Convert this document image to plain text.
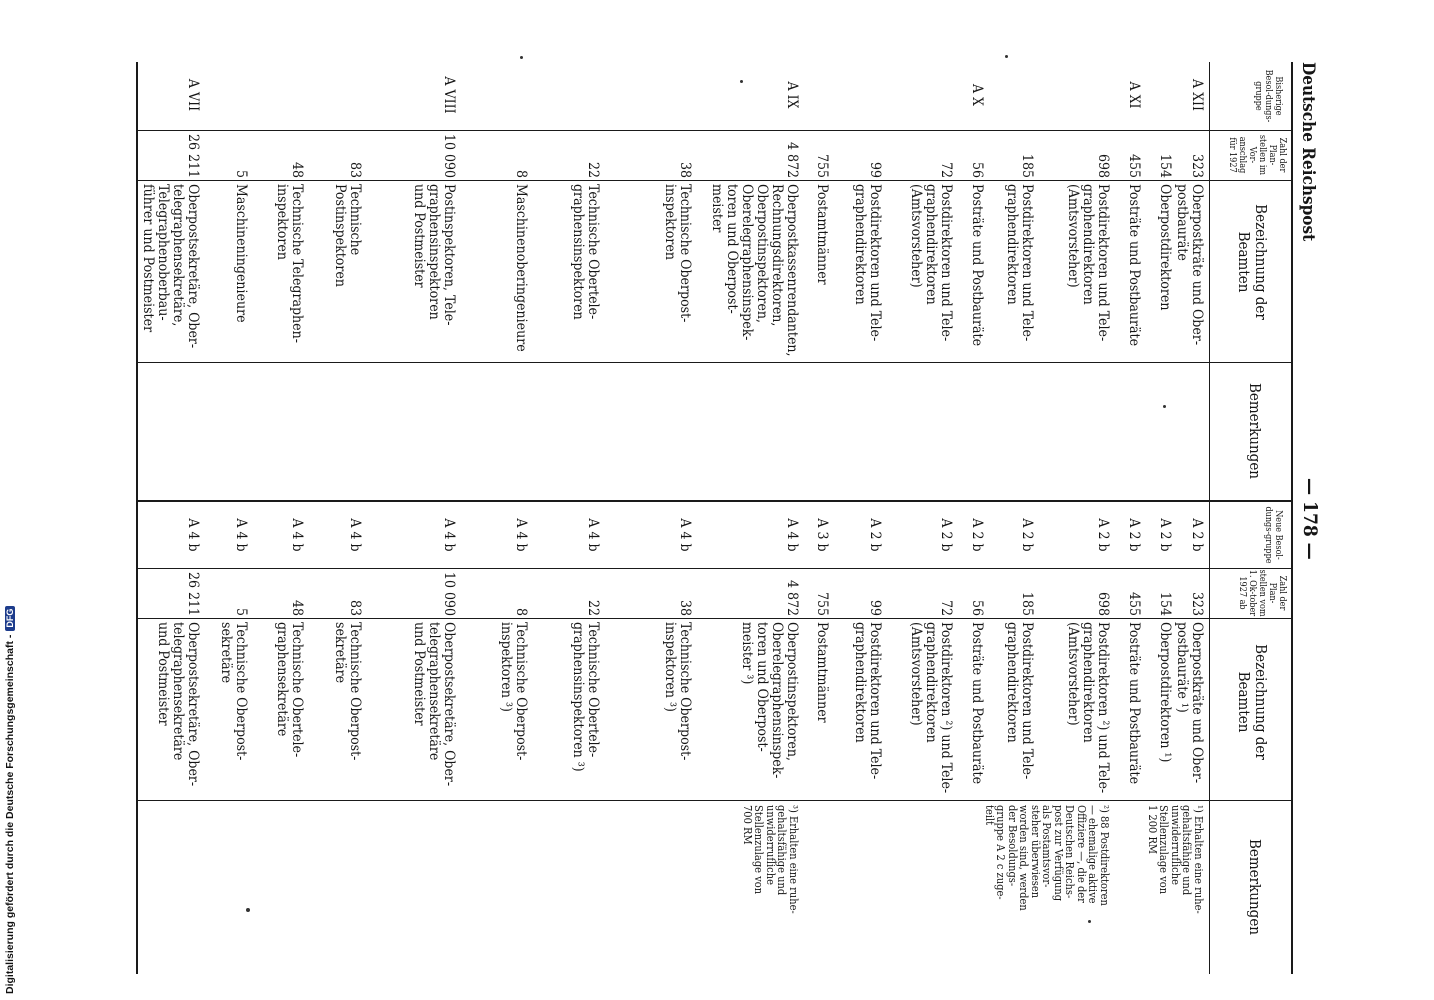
Deutsche Reichspost
— 178 —
Bisherige Besol-dungs-gruppe
Zahl der Plan-stellen im Vor-anschlag für 1927
Bezeichnung der Beamten
Bemerkungen
Neue Besol-dungs-gruppe
Zahl der Plan-stellen vom 1. Ok-tober 1927 ab
Bezeichnung der Beamten
Bemerkungen
A XII
323
Oberpostkräte und Ober-
postbauräte
A 2 b
323
Oberpostkräte und Ober-
postbauräte ¹)
154
Oberpostdirektoren
A 2 b
154
Oberpostdirektoren ¹)
A XI
455
Posträte und Postbauräte
A 2 b
455
Posträte und Postbauräte
698
Postdirektoren und Tele-
graphendirektoren
(Amtsvorsteher)
A 2 b
698
Postdirektoren ²) und Tele-
graphendirektoren
(Amtsvorsteher)
185
Postdirektoren und Tele-
graphendirektoren
A 2 b
185
Postdirektoren und Tele-
graphendirektoren
A X
56
Posträte und Postbauräte
A 2 b
56
Posträte und Postbauräte
72
Postdirektoren und Tele-
graphendirektoren
(Amtsvorsteher)
A 2 b
72
Postdirektoren ²) und Tele-
graphendirektoren
(Amtsvorsteher)
99
Postdirektoren und Tele-
graphendirektoren
A 2 b
99
Postdirektoren und Tele-
graphendirektoren
755
Postamtmänner
A 3 b
755
Postamtmänner
A IX
4 872
Oberpostkassenrendanten,
Rechnungsdirektoren,
Oberpostinspektoren,
Oberelegraphensinspek-
toren und Oberpost-
meister
A 4 b
4 872
Oberpostinspektoren,
Oberelegraphensinspek-
toren und Oberpost-
meister ³)
38
Technische Oberpost-
inspektoren
A 4 b
38
Technische Oberpost-
inspektoren ³)
22
Technische Obertele-
graphensinspektoren
A 4 b
22
Technische Obertele-
graphensinspektoren ³)
8
Maschinenoberingenieure
A 4 b
8
Technische Oberpost-
inspektoren ³)
A VIII
10 090
Postinspektoren, Tele-
graphensinspektoren
und Postmeister
A 4 b
10 090
Oberpostsekretäre, Ober-
telegraphensekretäre
und Postmeister
83
Technische Postinspektoren
A 4 b
83
Technische Oberpost-
sekretäre
48
Technische Telegraphen-
inspektoren
A 4 b
48
Technische Obertele-
graphensekretäre
5
Maschineningenieure
A 4 b
5
Technische Oberpost-
sekretäre
A VII
26 211
Oberpostsekretäre, Ober-
telegraphensekretäre,
Telegraphenoberbau-
führer und Postmeister
A 4 b
26 211
Oberpostsekretäre, Ober-
telegraphensekretäre
und Postmeister
¹) Erhalten eine ruhe-
gehaltsfähige und
unwiderrufliche
Stellenzulage von
1 200 RM
²) 88 Postdirektoren
— ehemalige aktive
Offiziere —, die der
Deutschen Reichs-
post zur Verfügung
als Postamtsvor-
steher überwiesen
worden sind, werden
der Besoldungs-
gruppe A 2 c zuge-
teilt
³) Erhalten eine ruhe-
gehaltsfähige und
unwiderrufliche
Stellenzulage von
700 RM
Digitalisierung gefördert durch die Deutsche Forschungsgemeinschaft -DFG
